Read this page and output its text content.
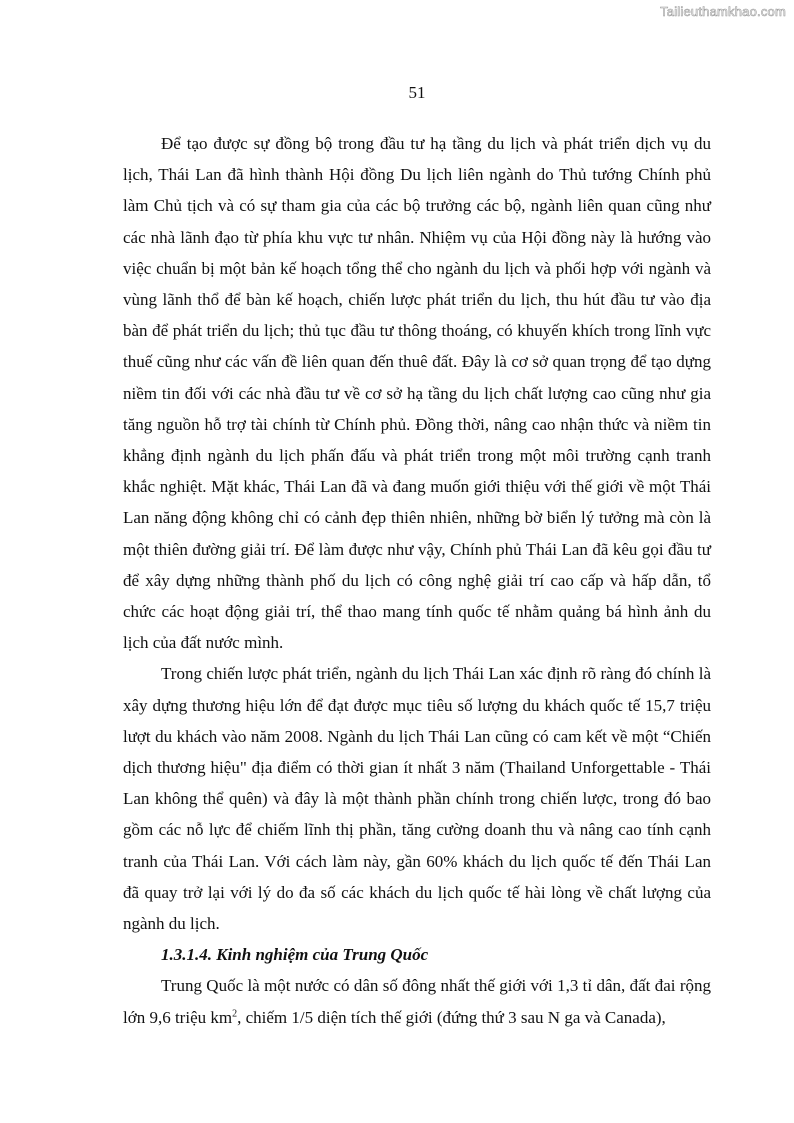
Tailieuthamkhao.com
51

Để tạo được sự đồng bộ trong đầu tư hạ tầng du lịch và phát triển dịch vụ du lịch, Thái Lan đã hình thành Hội đồng Du lịch liên ngành do Thủ tướng Chính phủ làm Chủ tịch và có sự tham gia của các bộ trưởng các bộ, ngành liên quan cũng như các nhà lãnh đạo từ phía khu vực tư nhân. Nhiệm vụ của Hội đồng này là hướng vào việc chuẩn bị một bản kế hoạch tổng thể cho ngành du lịch và phối hợp với ngành và vùng lãnh thổ để bàn kế hoạch, chiến lược phát triển du lịch, thu hút đầu tư vào địa bàn để phát triển du lịch; thủ tục đầu tư thông thoáng, có khuyến khích trong lĩnh vực thuế cũng như các vấn đề liên quan đến thuê đất. Đây là cơ sở quan trọng để tạo dựng niềm tin đối với các nhà đầu tư về cơ sở hạ tầng du lịch chất lượng cao cũng như gia tăng nguồn hỗ trợ tài chính từ Chính phủ. Đồng thời, nâng cao nhận thức và niềm tin khẳng định ngành du lịch phấn đấu và phát triển trong một môi trường cạnh tranh khắc nghiệt. Mặt khác, Thái Lan đã và đang muốn giới thiệu với thế giới về một Thái Lan năng động không chỉ có cảnh đẹp thiên nhiên, những bờ biển lý tưởng mà còn là một thiên đường giải trí. Để làm được như vậy, Chính phủ Thái Lan đã kêu gọi đầu tư để xây dựng những thành phố du lịch có công nghệ giải trí cao cấp và hấp dẫn, tổ chức các hoạt động giải trí, thể thao mang tính quốc tế nhằm quảng bá hình ảnh du lịch của đất nước mình.

Trong chiến lược phát triển, ngành du lịch Thái Lan xác định rõ ràng đó chính là xây dựng thương hiệu lớn để đạt được mục tiêu số lượng du khách quốc tế 15,7 triệu lượt du khách vào năm 2008. Ngành du lịch Thái Lan cũng có cam kết về một “Chiến dịch thương hiệu" địa điểm có thời gian ít nhất 3 năm (Thailand Unforgettable - Thái Lan không thể quên) và đây là một thành phần chính trong chiến lược, trong đó bao gồm các nỗ lực để chiếm lĩnh thị phần, tăng cường doanh thu và nâng cao tính cạnh tranh của Thái Lan. Với cách làm này, gần 60% khách du lịch quốc tế đến Thái Lan đã quay trở lại với lý do đa số các khách du lịch quốc tế hài lòng về chất lượng của ngành du lịch.

1.3.1.4. Kinh nghiệm của Trung Quốc

Trung Quốc là một nước có dân số đông nhất thế giới với 1,3 tỉ dân, đất đai rộng lớn 9,6 triệu $km^2$, chiếm 1/5 diện tích thế giới (đứng thứ 3 sau N ga và Canada),
